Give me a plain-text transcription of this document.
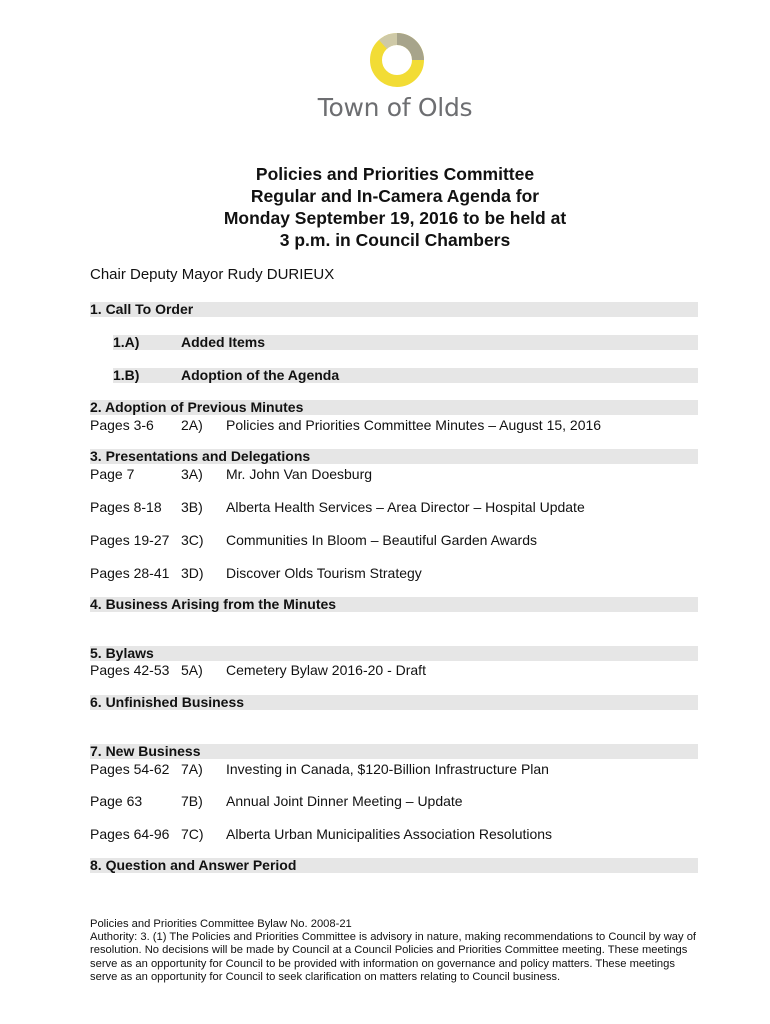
Town of Olds
Policies and Priorities Committee
Regular and In-Camera Agenda for
Monday September 19, 2016 to be held at
3 p.m. in Council Chambers
Chair Deputy Mayor Rudy DURIEUX
1. Call To Order
1.A)	Added Items
1.B)	Adoption of the Agenda
2. Adoption of Previous Minutes
Pages 3-6 2A) Policies and Priorities Committee Minutes – August 15, 2016
3. Presentations and Delegations
Page 7	3A) Mr. John Van Doesburg
Pages 8-18 3B) Alberta Health Services – Area Director – Hospital Update
Pages 19-27 3C) Communities In Bloom – Beautiful Garden Awards
Pages 28-41 3D) Discover Olds Tourism Strategy
4. Business Arising from the Minutes
5. Bylaws
Pages 42-53 5A) Cemetery Bylaw 2016-20 - Draft
6. Unfinished Business
7. New Business
Pages 54-62 7A) Investing in Canada, $120-Billion Infrastructure Plan
Page 63	7B) Annual Joint Dinner Meeting – Update
Pages 64-96 7C) Alberta Urban Municipalities Association Resolutions
8. Question and Answer Period

Policies and Priorities Committee Bylaw No. 2008-21

Authority: 3. (1) The Policies and Priorities Committee is advisory in nature, making recommendations to Council by way of resolution. No decisions will be made by Council at a Council Policies and Priorities Committee meeting. These meetings serve as an opportunity for Council to be provided with information on governance and policy matters. These meetings serve as an opportunity for Council to seek clarification on matters relating to Council business.
